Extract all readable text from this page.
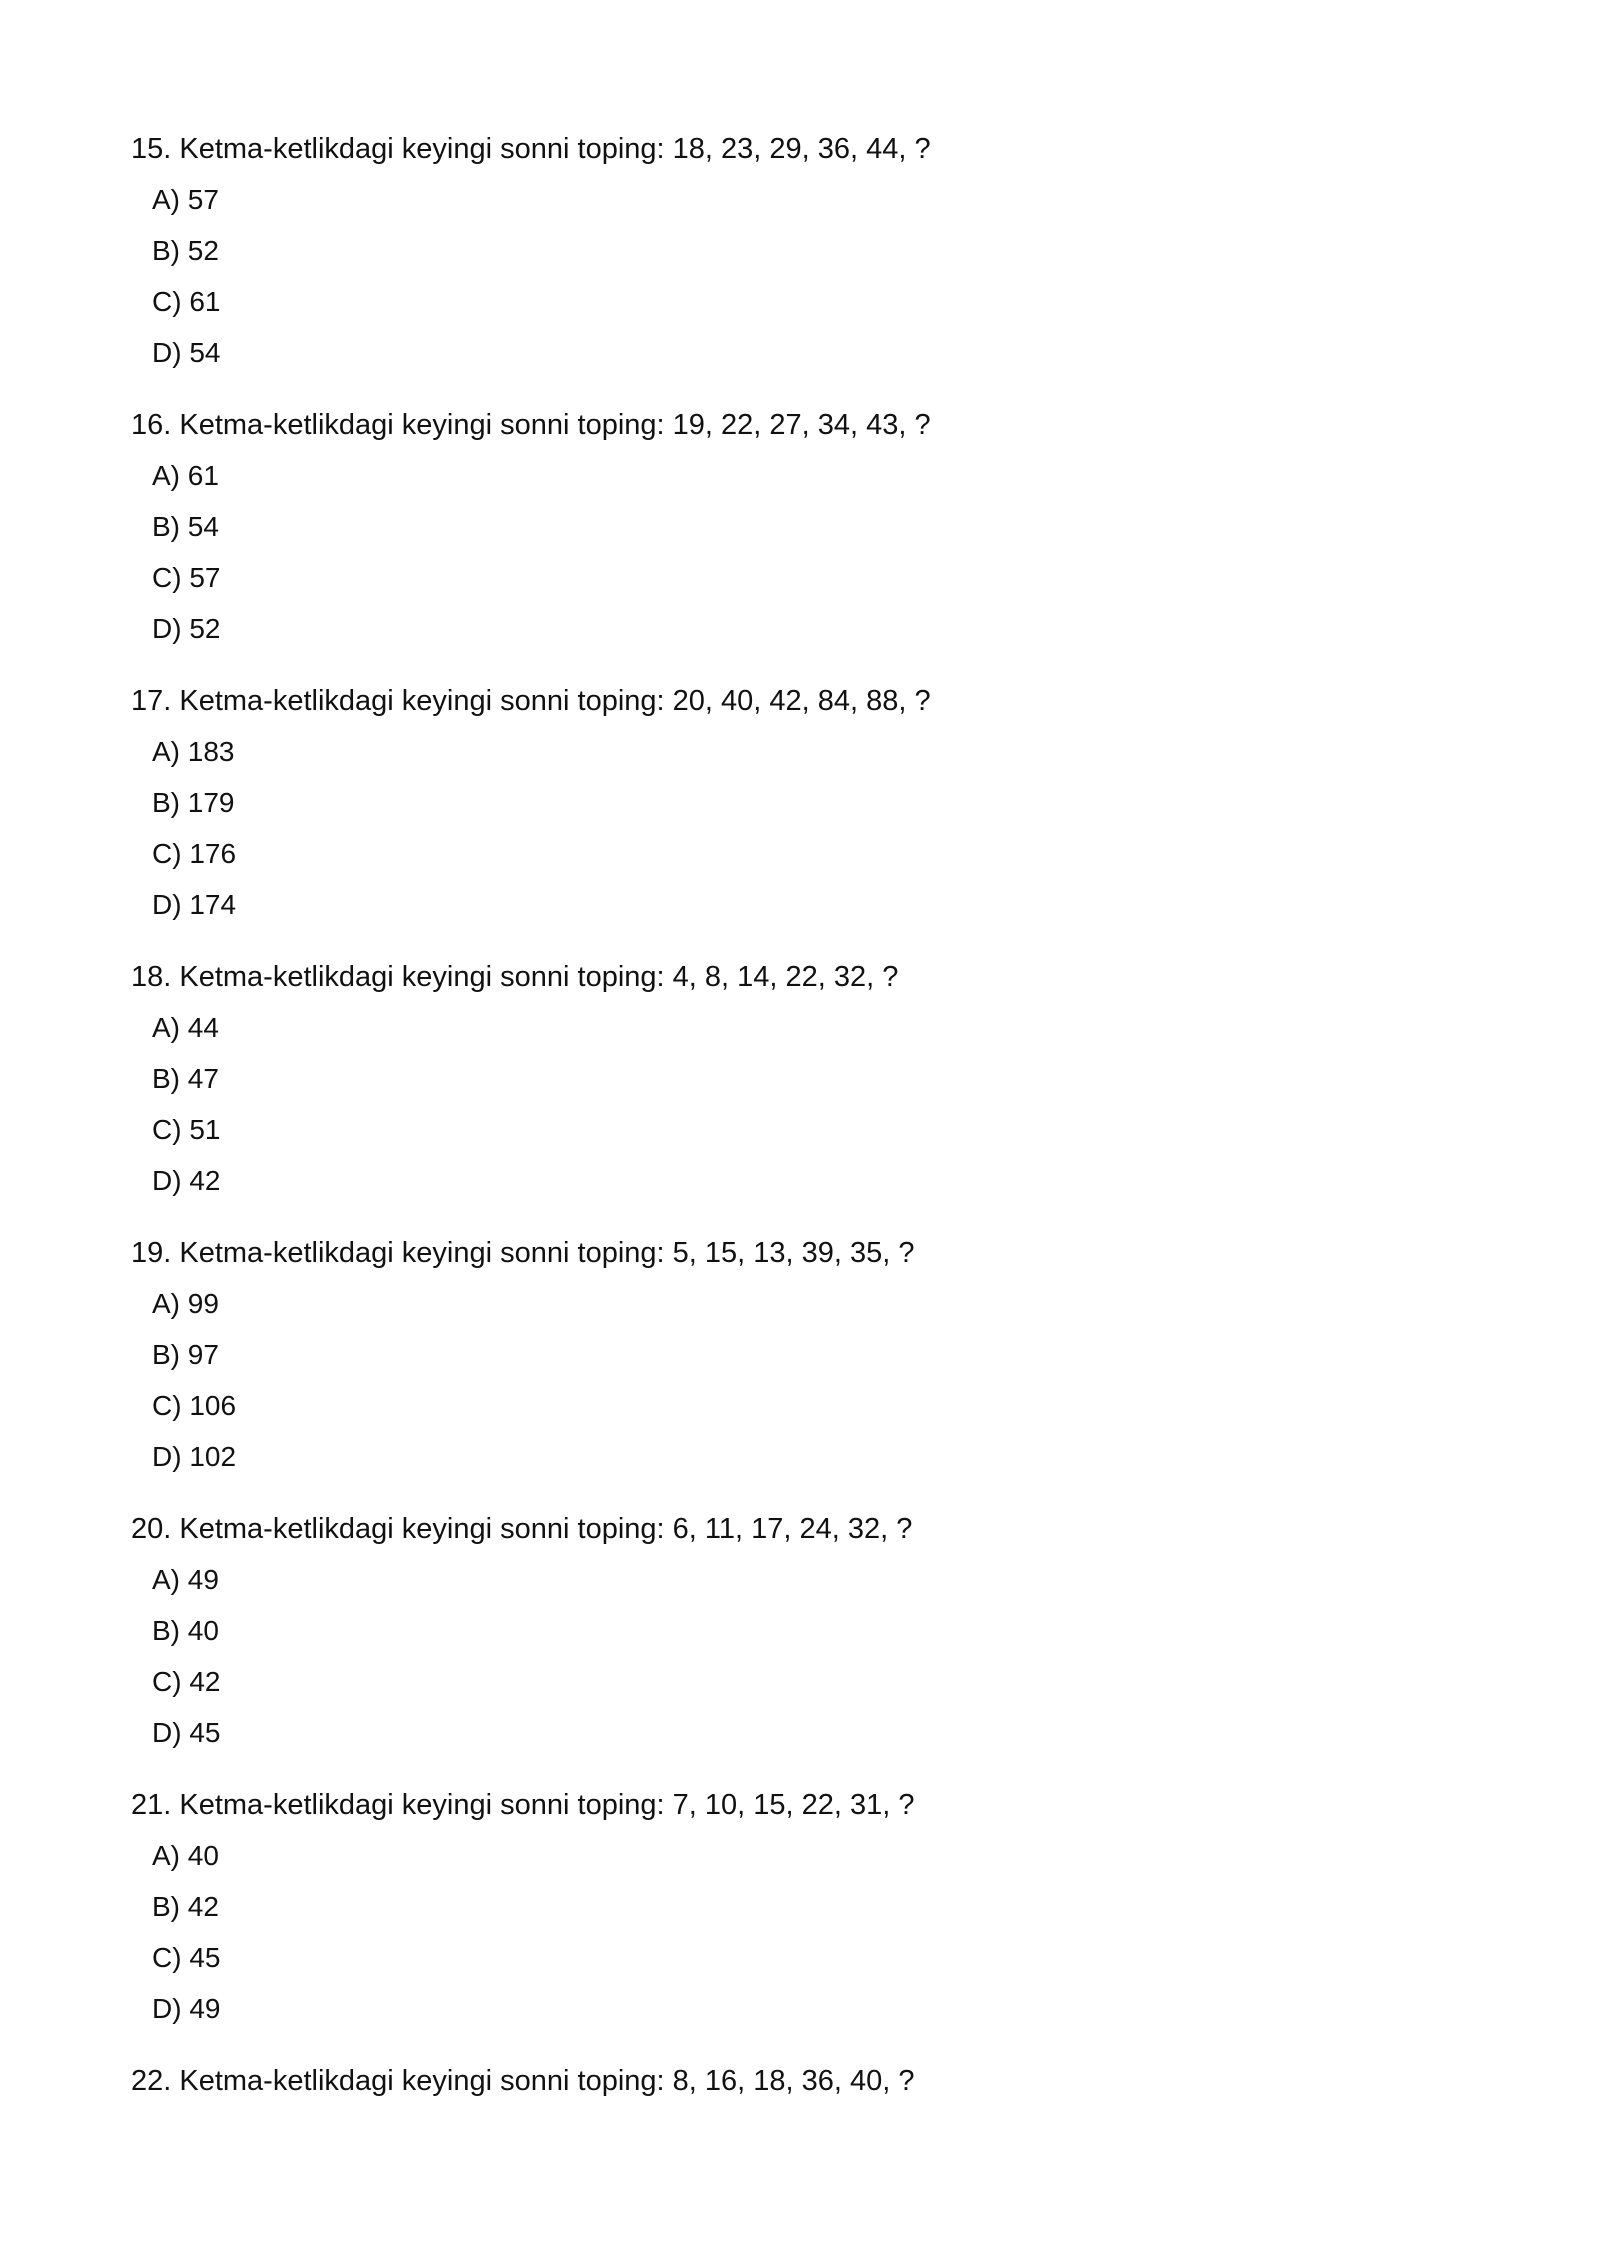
15. Ketma-ketlikdagi keyingi sonni toping: 18, 23, 29, 36, 44, ?
A) 57
B) 52
C) 61
D) 54
16. Ketma-ketlikdagi keyingi sonni toping: 19, 22, 27, 34, 43, ?
A) 61
B) 54
C) 57
D) 52
17. Ketma-ketlikdagi keyingi sonni toping: 20, 40, 42, 84, 88, ?
A) 183
B) 179
C) 176
D) 174
18. Ketma-ketlikdagi keyingi sonni toping: 4, 8, 14, 22, 32, ?
A) 44
B) 47
C) 51
D) 42
19. Ketma-ketlikdagi keyingi sonni toping: 5, 15, 13, 39, 35, ?
A) 99
B) 97
C) 106
D) 102
20. Ketma-ketlikdagi keyingi sonni toping: 6, 11, 17, 24, 32, ?
A) 49
B) 40
C) 42
D) 45
21. Ketma-ketlikdagi keyingi sonni toping: 7, 10, 15, 22, 31, ?
A) 40
B) 42
C) 45
D) 49
22. Ketma-ketlikdagi keyingi sonni toping: 8, 16, 18, 36, 40, ?
